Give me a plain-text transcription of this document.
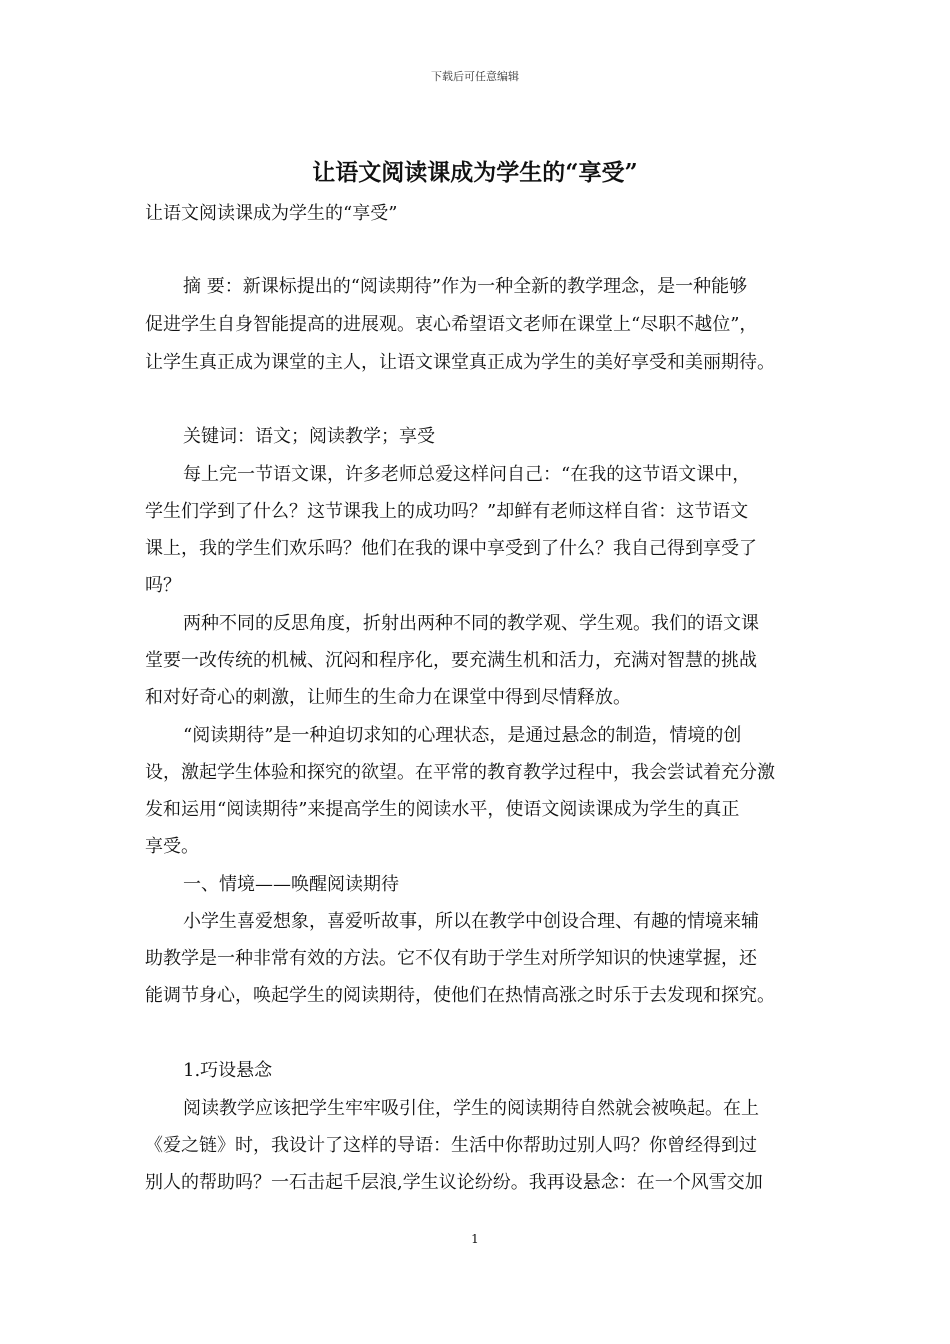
下载后可任意编辑
让语文阅读课成为学生的“享受”
让语文阅读课成为学生的“享受”
摘 要：新课标提出的“阅读期待”作为一种全新的教学理念，是一种能够
促进学生自身智能提高的进展观。衷心希望语文老师在课堂上“尽职不越位”，
让学生真正成为课堂的主人，让语文课堂真正成为学生的美好享受和美丽期待。
关键词：语文；阅读教学；享受
每上完一节语文课，许多老师总爱这样问自己：“在我的这节语文课中，
学生们学到了什么？这节课我上的成功吗？”却鲜有老师这样自省：这节语文
课上，我的学生们欢乐吗？他们在我的课中享受到了什么？我自己得到享受了
吗？
两种不同的反思角度，折射出两种不同的教学观、学生观。我们的语文课
堂要一改传统的机械、沉闷和程序化，要充满生机和活力，充满对智慧的挑战
和对好奇心的刺激，让师生的生命力在课堂中得到尽情释放。
“阅读期待”是一种迫切求知的心理状态，是通过悬念的制造，情境的创
设，激起学生体验和探究的欲望。在平常的教育教学过程中，我会尝试着充分激
发和运用“阅读期待”来提高学生的阅读水平，使语文阅读课成为学生的真正
享受。
一、情境——唤醒阅读期待
小学生喜爱想象，喜爱听故事，所以在教学中创设合理、有趣的情境来辅
助教学是一种非常有效的方法。它不仅有助于学生对所学知识的快速掌握，还
能调节身心，唤起学生的阅读期待，使他们在热情高涨之时乐于去发现和探究。
1.巧设悬念
阅读教学应该把学生牢牢吸引住，学生的阅读期待自然就会被唤起。在上
《爱之链》时，我设计了这样的导语：生活中你帮助过别人吗？你曾经得到过
别人的帮助吗？一石击起千层浪,学生议论纷纷。我再设悬念：在一个风雪交加
1
